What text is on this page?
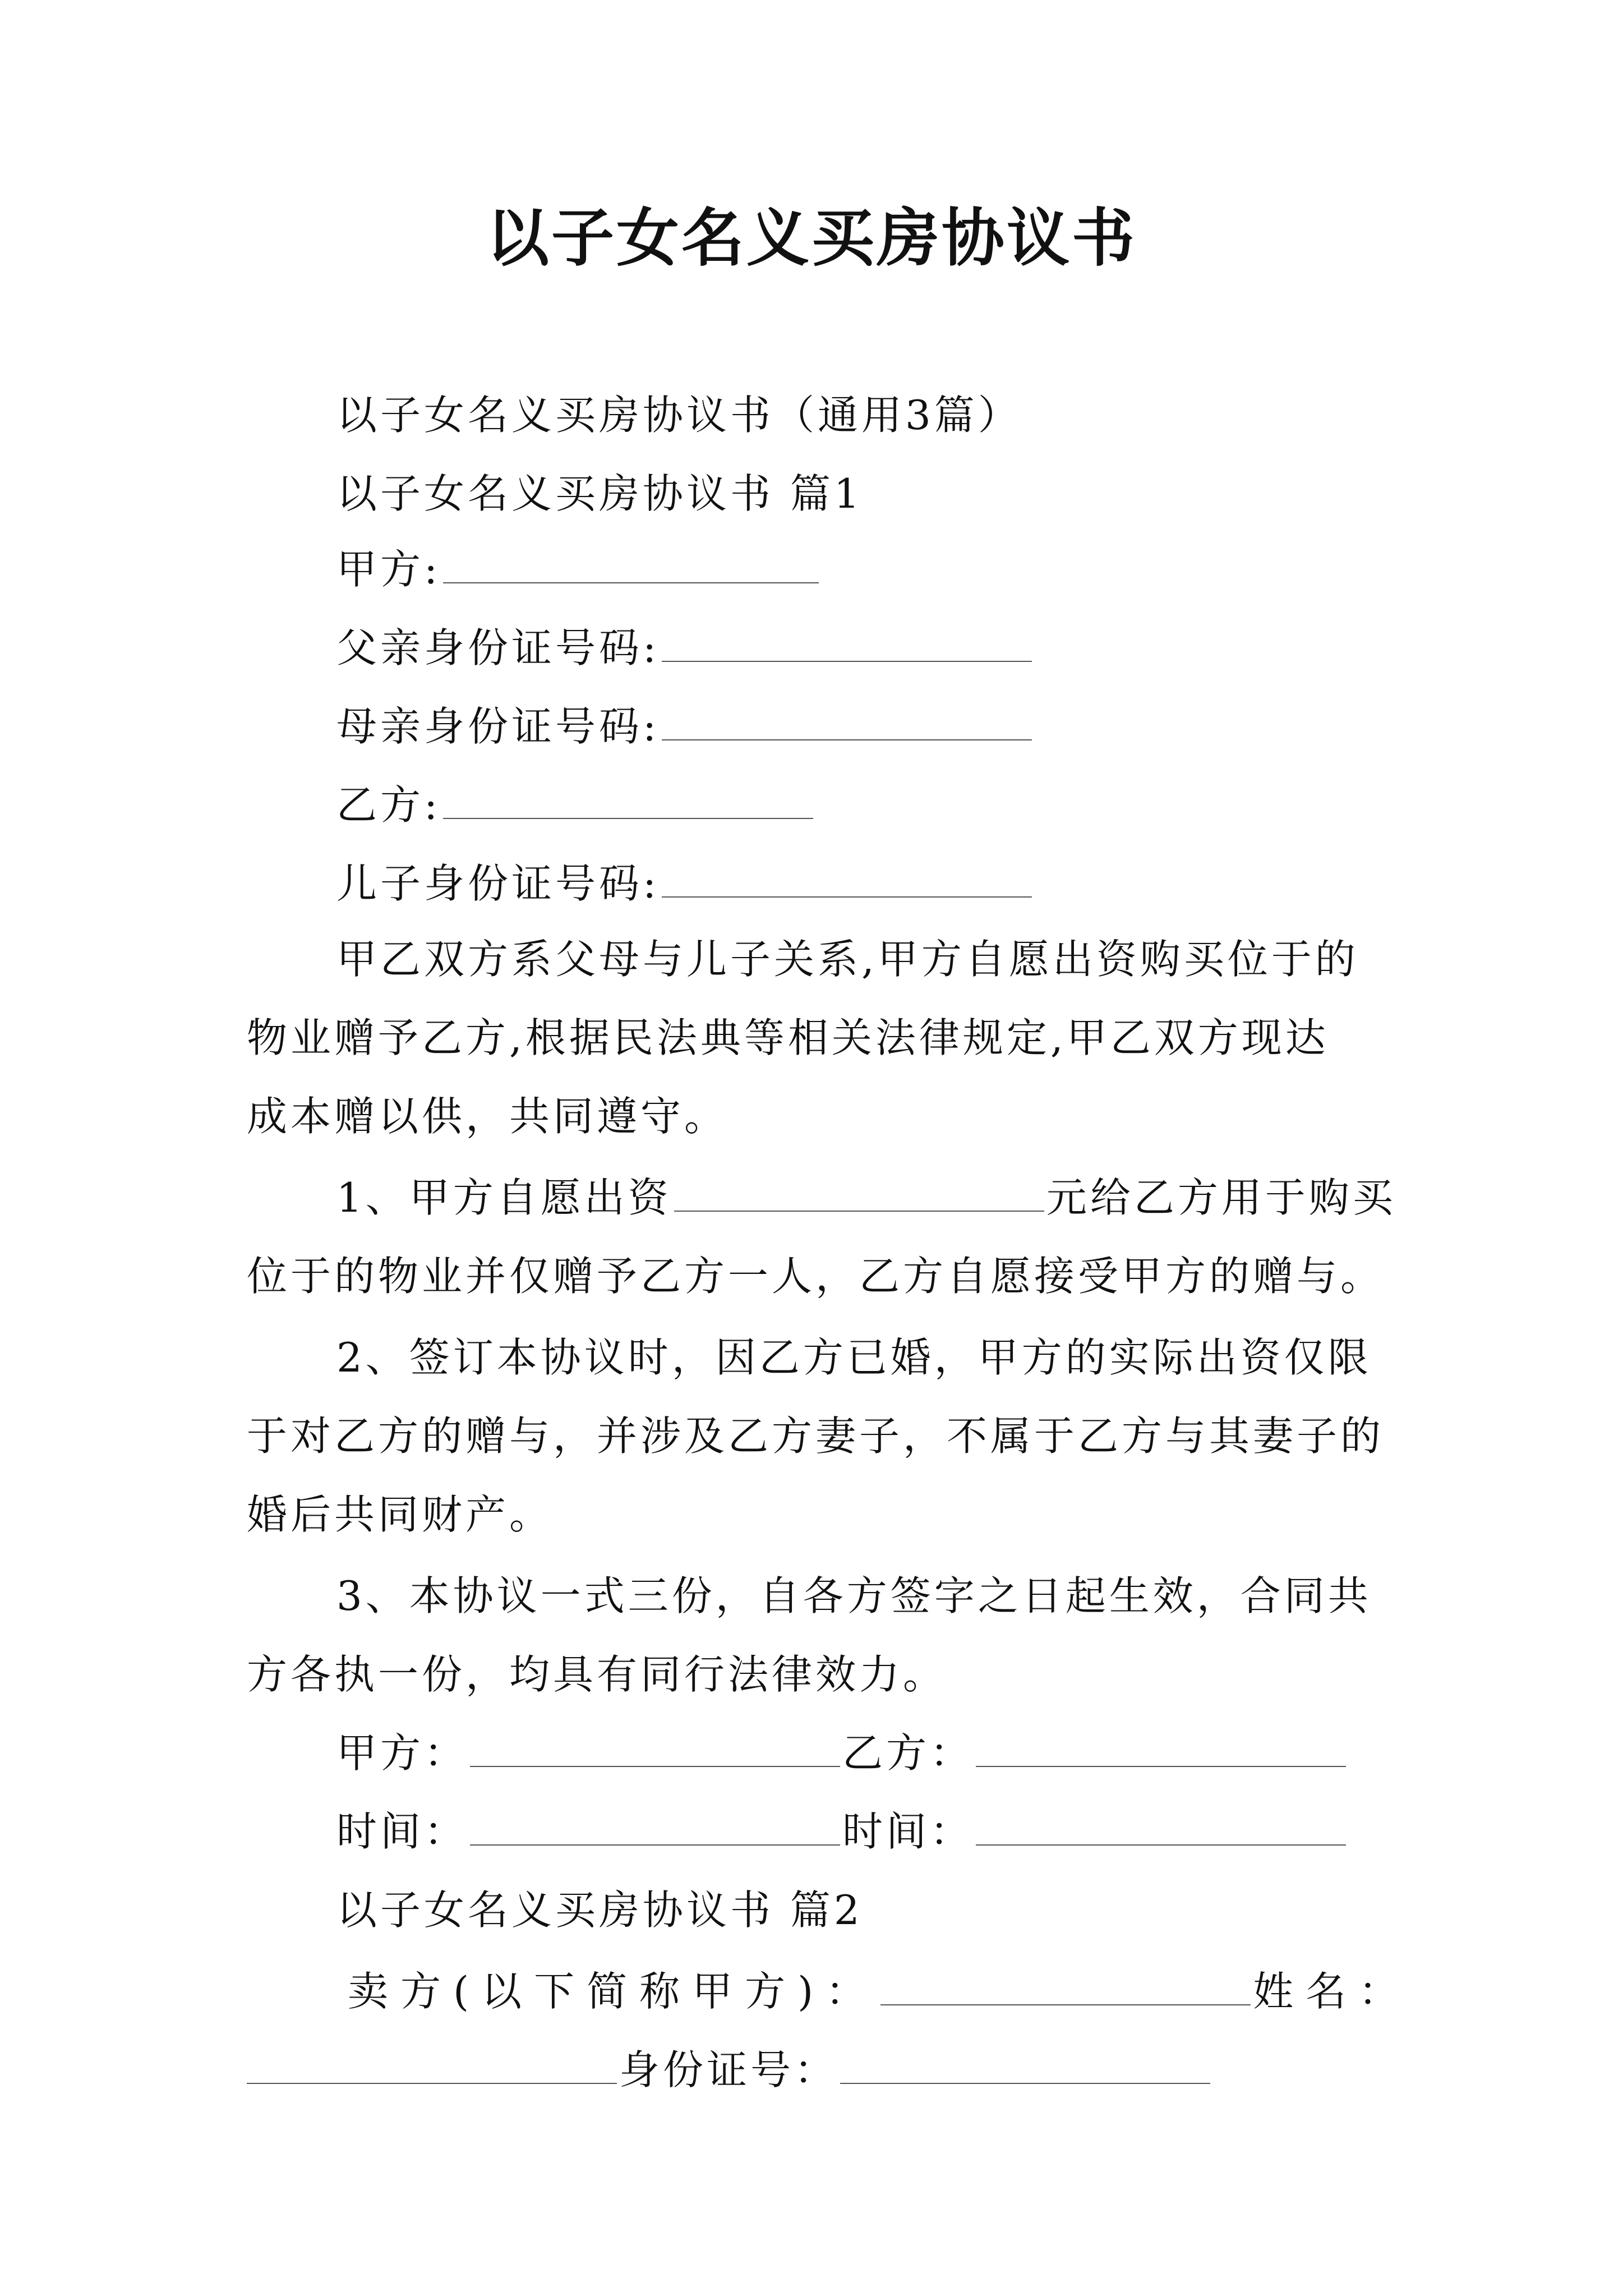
以子女名义买房协议书
以子女名义买房协议书（通用3篇）
以子女名义买房协议书 篇1
甲方:
父亲身份证号码:
母亲身份证号码:
乙方:
儿子身份证号码:
甲乙双方系父母与儿子关系,甲方自愿出资购买位于的
物业赠予乙方,根据民法典等相关法律规定,甲乙双方现达
成本赠以供，共同遵守。
1、甲方自愿出资	元给乙方用于购买
位于的物业并仅赠予乙方一人，乙方自愿接受甲方的赠与。
2、签订本协议时，因乙方已婚，甲方的实际出资仅限
于对乙方的赠与，并涉及乙方妻子，不属于乙方与其妻子的
婚后共同财产。
3、本协议一式三份，自各方签字之日起生效，合同共
方各执一份，均具有同行法律效力。
甲方：	乙方：
时间：	时间：
以子女名义买房协议书 篇2
卖方(以下简称甲方)：	姓名：
身份证号：
